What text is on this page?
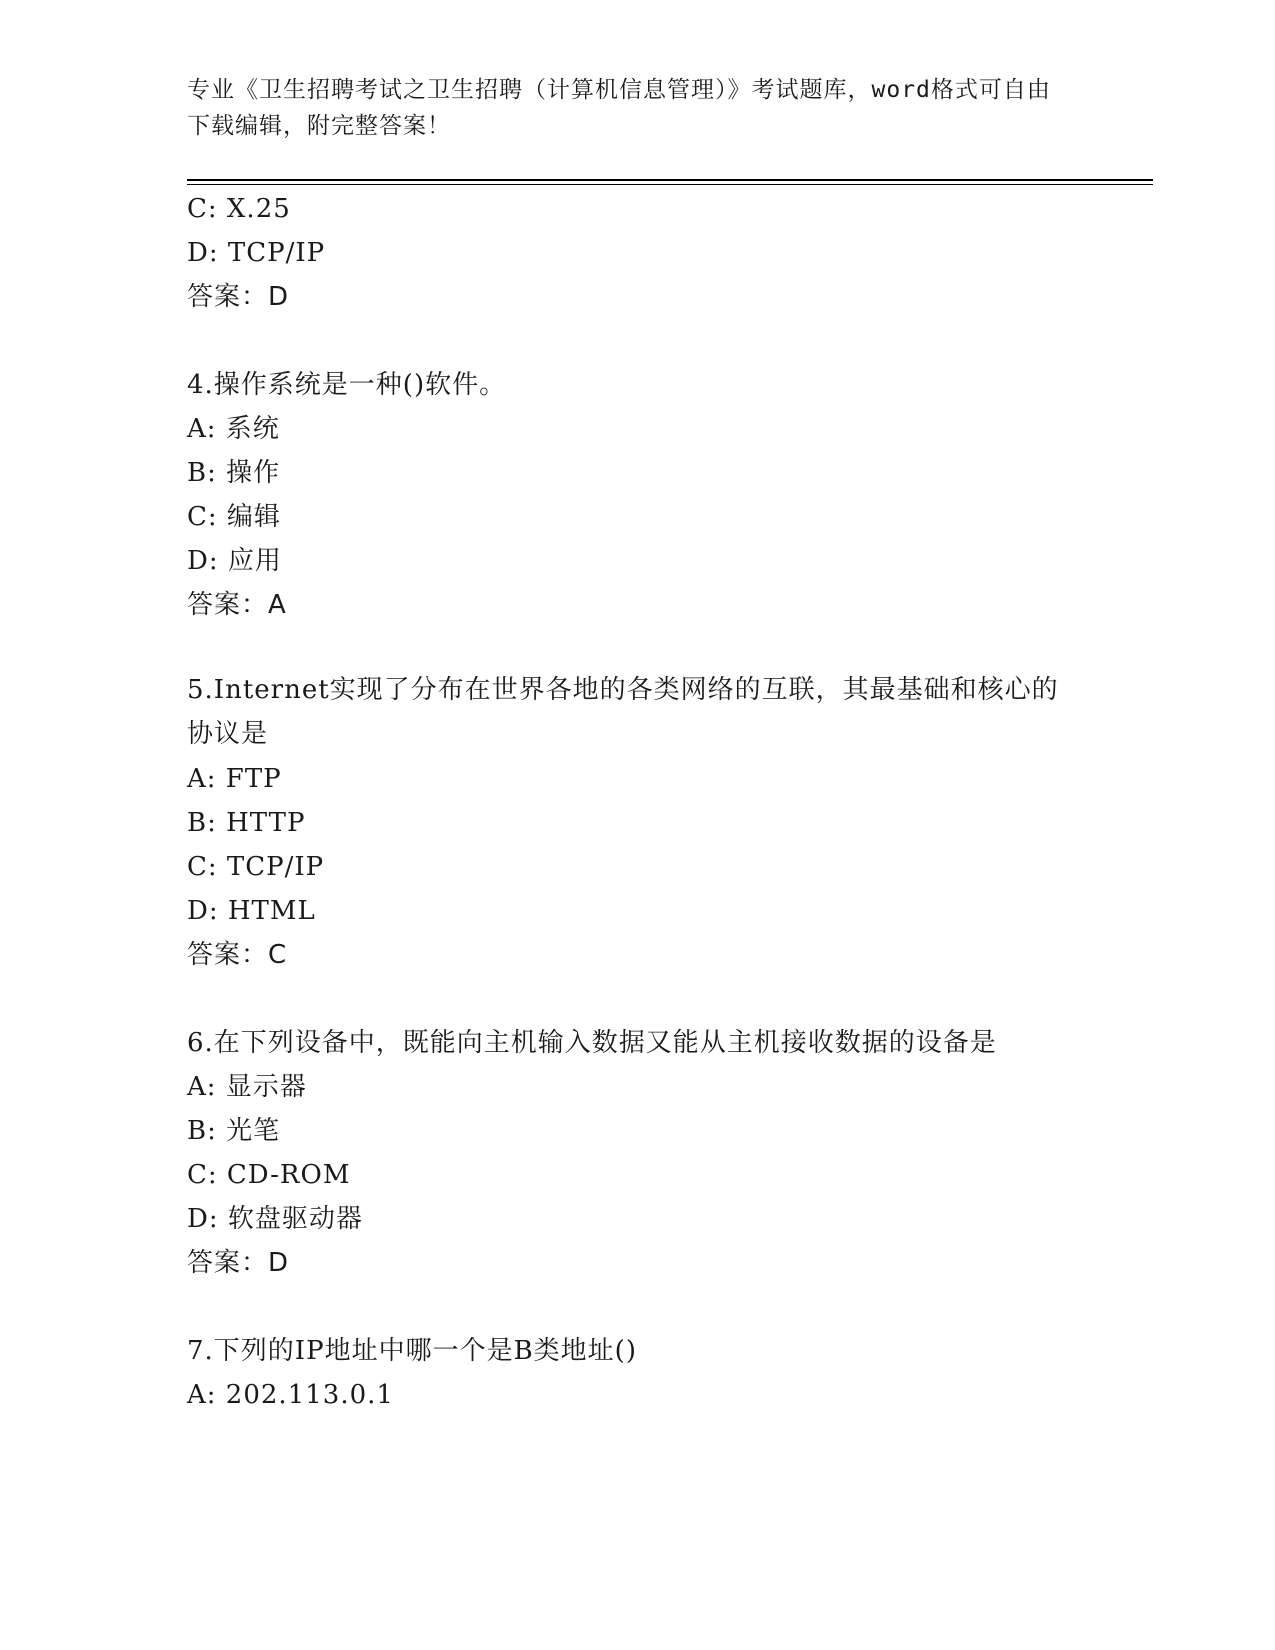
专业《卫生招聘考试之卫生招聘（计算机信息管理）》考试题库，word格式可自由下载编辑，附完整答案！
C: X.25
D: TCP/IP
答案：D
4.操作系统是一种()软件。
A: 系统
B: 操作
C: 编辑
D: 应用
答案：A
5.Internet实现了分布在世界各地的各类网络的互联，其最基础和核心的协议是
A: FTP
B: HTTP
C: TCP/IP
D: HTML
答案：C
6.在下列设备中，既能向主机输入数据又能从主机接收数据的设备是
A: 显示器
B: 光笔
C: CD-ROM
D: 软盘驱动器
答案：D
7.下列的IP地址中哪一个是B类地址()
A: 202.113.0.1
